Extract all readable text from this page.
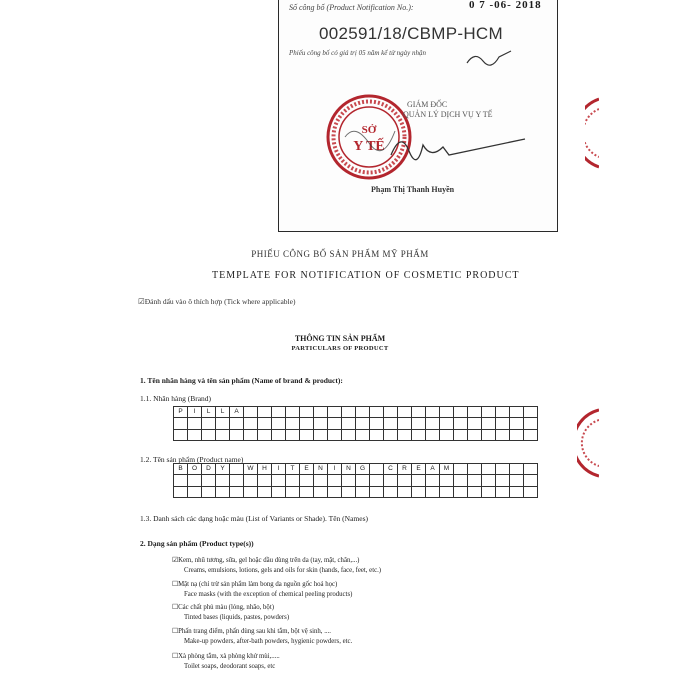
Số công bố (Product Notification No.):	0 7 -06- 2018
002591/18/CBMP-HCM
Phiếu công bố có giá trị 05 năm kể từ ngày nhận
SỞ
Y TẾ
GIÁM ĐỐC
QUẢN LÝ DỊCH VỤ Y TẾ
Phạm Thị Thanh Huyền
PHIẾU CÔNG BỐ SẢN PHẨM MỸ PHẨM
TEMPLATE FOR NOTIFICATION OF COSMETIC PRODUCT
☑Đánh dấu vào ô thích hợp (Tick where applicable)
THÔNG TIN SẢN PHẨM
PARTICULARS OF PRODUCT
1. Tên nhãn hàng và tên sản phẩm (Name of brand & product):
1.1. Nhãn hàng (Brand)
P	I	L	L	A																					

1.2. Tên sản phẩm (Product name)
B	O	D	Y		W	H	I	T	E	N	I	N	G		C	R	E	A	M						

1.3. Danh sách các dạng hoặc màu (List of Variants or Shade). Tên (Names)
2. Dạng sản phẩm (Product type(s))
☑Kem, nhũ tương, sữa, gel hoặc dầu dùng trên da (tay, mặt, chân,...)
Creams, emulsions, lotions, gels and oils for skin (hands, face, feet, etc.)
☐Mặt nạ (chỉ trừ sản phẩm làm bong da nguồn gốc hoá học)
Face masks (with the exception of chemical peeling products)
☐Các chất phủ màu (lỏng, nhão, bột)
Tinted bases (liquids, pastes, powders)
☐Phấn trang điểm, phấn dùng sau khi tắm, bột vệ sinh, ....
Make-up powders, after-bath powders, hygienic powders, etc.
☐Xà phòng tắm, xà phòng khử mùi,.....
Toilet soaps, deodorant soaps, etc
